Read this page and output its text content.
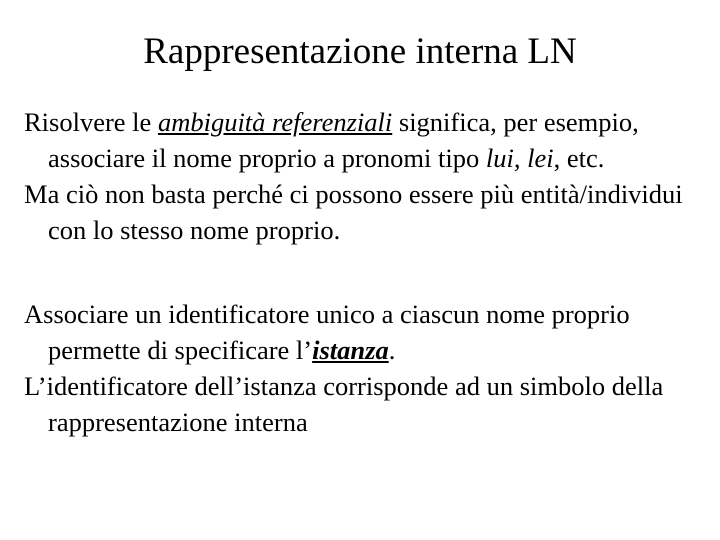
Rappresentazione interna LN

Risolvere le ambiguità referenziali significa, per esempio, associare il nome proprio a pronomi tipo lui, lei, etc.

Ma ciò non basta perché ci possono essere più entità/individui con lo stesso nome proprio.

Associare un identificatore unico a ciascun nome proprio permette di specificare l’istanza.

L’identificatore dell’istanza corrisponde ad un simbolo della rappresentazione interna
